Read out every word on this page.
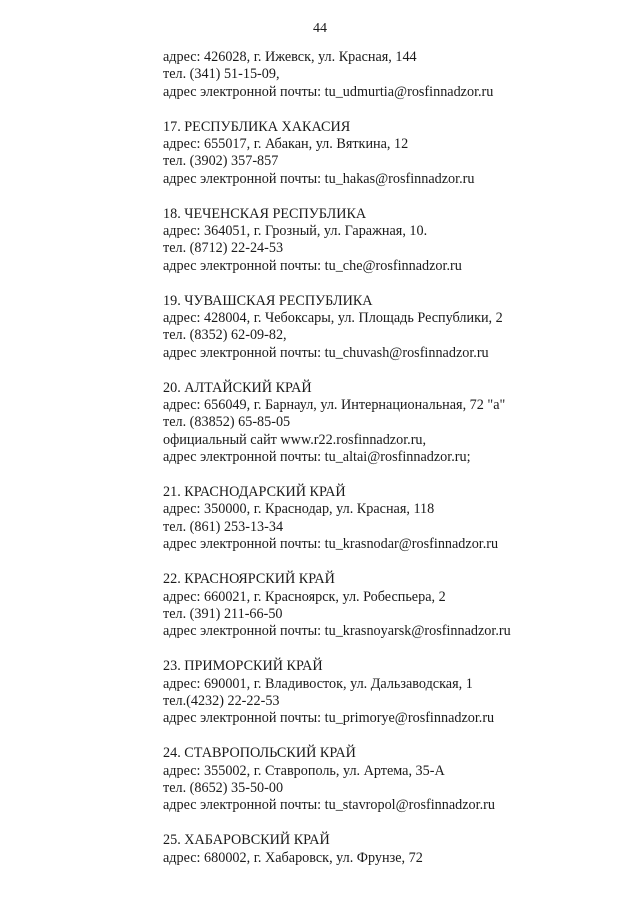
44
адрес: 426028, г. Ижевск, ул. Красная, 144
тел. (341) 51-15-09,
адрес электронной почты: tu_udmurtia@rosfinnadzor.ru
17. РЕСПУБЛИКА ХАКАСИЯ
адрес: 655017, г. Абакан, ул. Вяткина, 12
тел. (3902) 357-857
адрес электронной почты: tu_hakas@rosfinnadzor.ru
18. ЧЕЧЕНСКАЯ РЕСПУБЛИКА
адрес: 364051, г. Грозный, ул. Гаражная, 10.
тел. (8712) 22-24-53
адрес электронной почты: tu_che@rosfinnadzor.ru
19. ЧУВАШСКАЯ РЕСПУБЛИКА
адрес: 428004, г. Чебоксары, ул. Площадь Республики, 2
тел. (8352) 62-09-82,
адрес электронной почты: tu_chuvash@rosfinnadzor.ru
20. АЛТАЙСКИЙ КРАЙ
адрес: 656049, г. Барнаул, ул. Интернациональная, 72 "а"
тел. (83852) 65-85-05
официальный сайт www.r22.rosfinnadzor.ru,
адрес электронной почты: tu_altai@rosfinnadzor.ru;
21. КРАСНОДАРСКИЙ КРАЙ
адрес: 350000, г. Краснодар, ул. Красная, 118
тел. (861) 253-13-34
адрес электронной почты: tu_krasnodar@rosfinnadzor.ru
22. КРАСНОЯРСКИЙ КРАЙ
адрес: 660021, г. Красноярск, ул. Робеспьера, 2
тел. (391) 211-66-50
адрес электронной почты: tu_krasnoyarsk@rosfinnadzor.ru
23. ПРИМОРСКИЙ КРАЙ
адрес: 690001, г. Владивосток, ул. Дальзаводская, 1
тел.(4232) 22-22-53
адрес электронной почты: tu_primorye@rosfinnadzor.ru
24. СТАВРОПОЛЬСКИЙ КРАЙ
адрес: 355002, г. Ставрополь, ул. Артема, 35-А
тел. (8652) 35-50-00
адрес электронной почты: tu_stavropol@rosfinnadzor.ru
25. ХАБАРОВСКИЙ КРАЙ
адрес: 680002, г. Хабаровск, ул. Фрунзе, 72
